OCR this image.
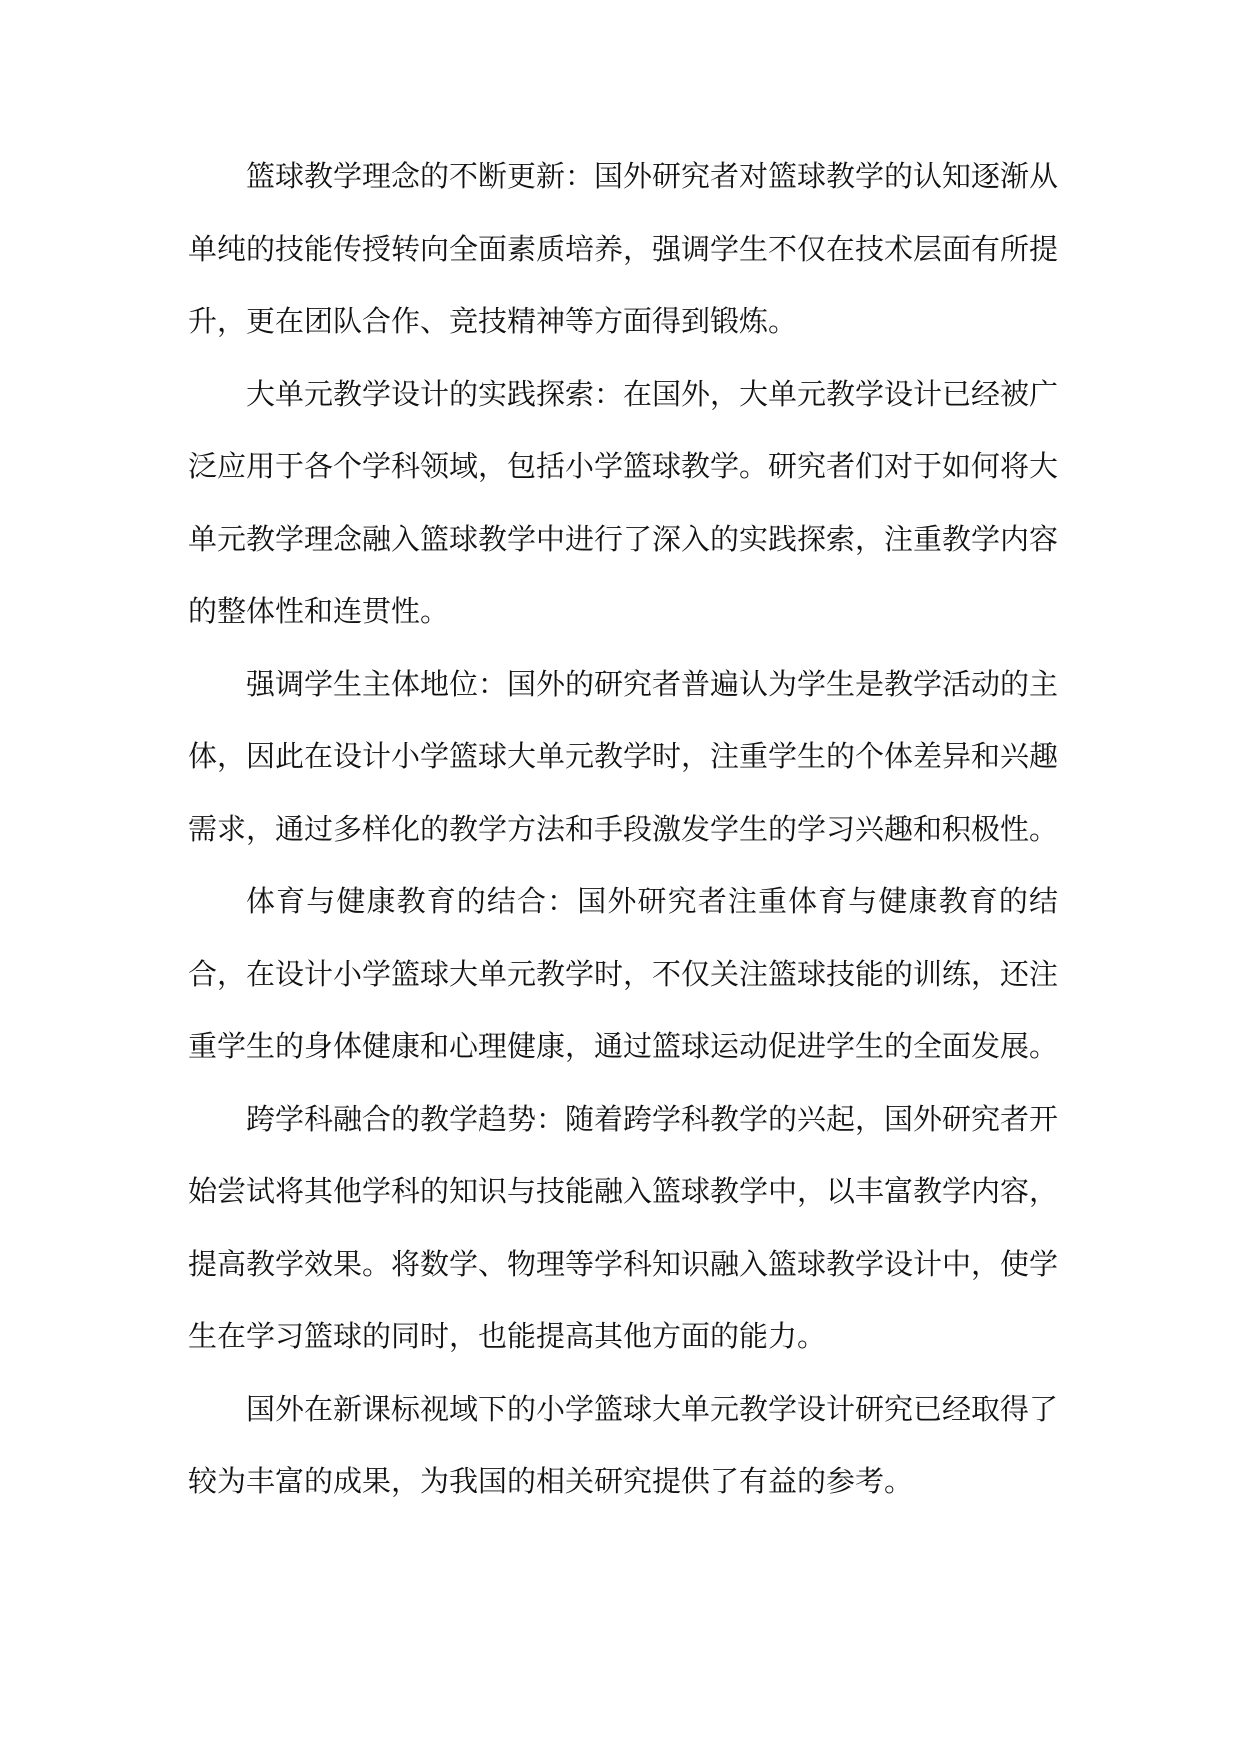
篮球教学理念的不断更新：国外研究者对篮球教学的认知逐渐从单纯的技能传授转向全面素质培养，强调学生不仅在技术层面有所提升，更在团队合作、竞技精神等方面得到锻炼。

大单元教学设计的实践探索：在国外，大单元教学设计已经被广泛应用于各个学科领域，包括小学篮球教学。研究者们对于如何将大单元教学理念融入篮球教学中进行了深入的实践探索，注重教学内容的整体性和连贯性。

强调学生主体地位：国外的研究者普遍认为学生是教学活动的主体，因此在设计小学篮球大单元教学时，注重学生的个体差异和兴趣需求，通过多样化的教学方法和手段激发学生的学习兴趣和积极性。

体育与健康教育的结合：国外研究者注重体育与健康教育的结合，在设计小学篮球大单元教学时，不仅关注篮球技能的训练，还注重学生的身体健康和心理健康，通过篮球运动促进学生的全面发展。

跨学科融合的教学趋势：随着跨学科教学的兴起，国外研究者开始尝试将其他学科的知识与技能融入篮球教学中，以丰富教学内容，提高教学效果。将数学、物理等学科知识融入篮球教学设计中，使学生在学习篮球的同时，也能提高其他方面的能力。

国外在新课标视域下的小学篮球大单元教学设计研究已经取得了较为丰富的成果，为我国的相关研究提供了有益的参考。
